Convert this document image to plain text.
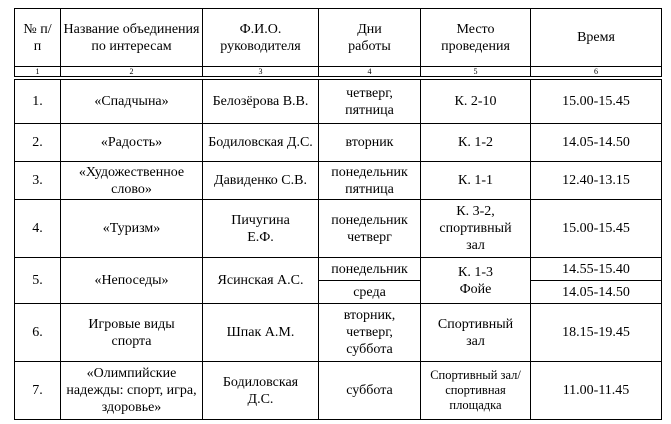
№ п/п	Название объединения по интересам	Ф.И.О. руководителя	Дни работы	Место проведения	Время
1	2	3	4	5	6

1.	«Спадчына»	Белозёрова В.В.	четверг, пятница	К. 2-10	15.00-15.45
2.	«Радость»	Бодиловская Д.С.	вторник	К. 1-2	14.05-14.50
3.	«Художественное слово»	Давиденко С.В.	понедельник пятница	К. 1-1	12.40-13.15
4.	«Туризм»	Пичугина Е.Ф.	понедельник четверг	К. 3-2, спортивный зал	15.00-15.45
5.	«Непоседы»	Ясинская А.С.	понедельник	К. 1-3 Фойе	14.55-15.40
			среда		14.05-14.50
6.	Игровые виды спорта	Шпак А.М.	вторник, четверг, суббота	Спортивный зал	18.15-19.45
7.	«Олимпийские надежды: спорт, игра, здоровье»	Бодиловская Д.С.	суббота	Спортивный зал/спортивная площадка	11.00-11.45
